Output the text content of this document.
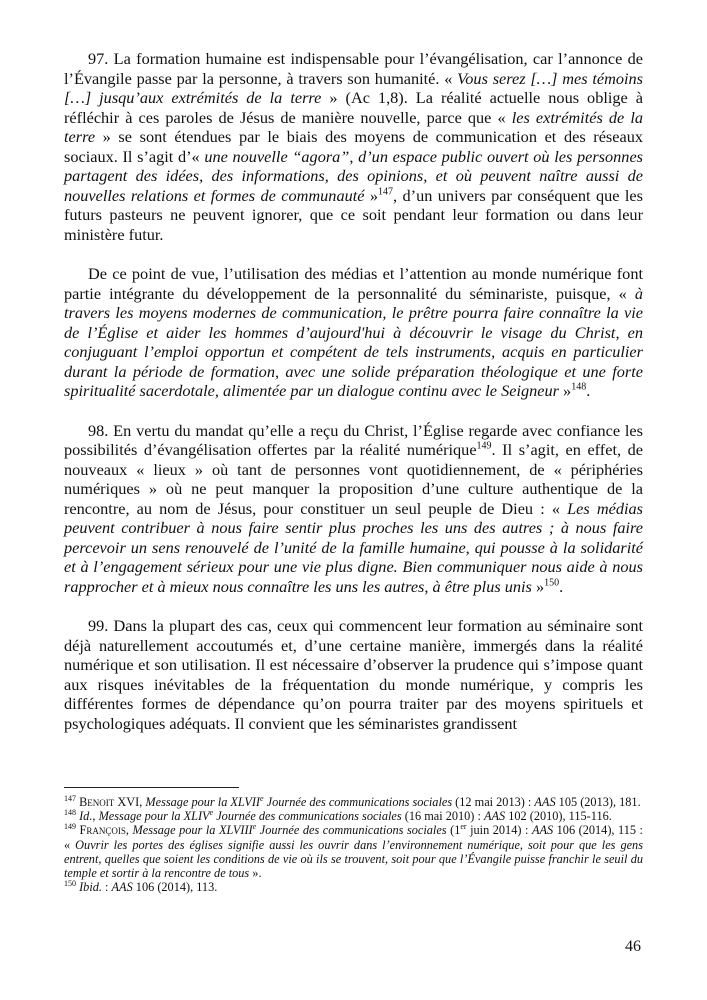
97. La formation humaine est indispensable pour l’évangélisation, car l’annonce de l’Évangile passe par la personne, à travers son humanité. « Vous serez […] mes témoins […] jusqu’aux extrémités de la terre » (Ac 1,8). La réalité actuelle nous oblige à réfléchir à ces paroles de Jésus de manière nouvelle, parce que « les extrémités de la terre » se sont étendues par le biais des moyens de communication et des réseaux sociaux. Il s’agit d’« une nouvelle “agora”, d’un espace public ouvert où les personnes partagent des idées, des informations, des opinions, et où peuvent naître aussi de nouvelles relations et formes de communauté »$^{147}$, d’un univers par conséquent que les futurs pasteurs ne peuvent ignorer, que ce soit pendant leur formation ou dans leur ministère futur.

De ce point de vue, l’utilisation des médias et l’attention au monde numérique font partie intégrante du développement de la personnalité du séminariste, puisque, « à travers les moyens modernes de communication, le prêtre pourra faire connaître la vie de l’Église et aider les hommes d’aujourd'hui à découvrir le visage du Christ, en conjuguant l’emploi opportun et compétent de tels instruments, acquis en particulier durant la période de formation, avec une solide préparation théologique et une forte spiritualité sacerdotale, alimentée par un dialogue continu avec le Seigneur »$^{148}$.

98. En vertu du mandat qu’elle a reçu du Christ, l’Église regarde avec confiance les possibilités d’évangélisation offertes par la réalité numérique$^{149}$. Il s’agit, en effet, de nouveaux « lieux » où tant de personnes vont quotidiennement, de « périphéries numériques » où ne peut manquer la proposition d’une culture authentique de la rencontre, au nom de Jésus, pour constituer un seul peuple de Dieu : « Les médias peuvent contribuer à nous faire sentir plus proches les uns des autres ; à nous faire percevoir un sens renouvelé de l’unité de la famille humaine, qui pousse à la solidarité et à l’engagement sérieux pour une vie plus digne. Bien communiquer nous aide à nous rapprocher et à mieux nous connaître les uns les autres, à être plus unis »$^{150}$.

99. Dans la plupart des cas, ceux qui commencent leur formation au séminaire sont déjà naturellement accoutumés et, d’une certaine manière, immergés dans la réalité numérique et son utilisation. Il est nécessaire d’observer la prudence qui s’impose quant aux risques inévitables de la fréquentation du monde numérique, y compris les différentes formes de dépendance qu’on pourra traiter par des moyens spirituels et psychologiques adéquats. Il convient que les séminaristes grandissent

$^{147}$ Benoit XVI, Message pour la XLVIIe Journée des communications sociales (12 mai 2013) : AAS 105 (2013), 181.

$^{148}$ Id., Message pour la XLIVe Journée des communications sociales (16 mai 2010) : AAS 102 (2010), 115-116.

$^{149}$ François, Message pour la XLVIIIe Journée des communications sociales (1er juin 2014) : AAS 106 (2014), 115 : « Ouvrir les portes des églises signifie aussi les ouvrir dans l’environnement numérique, soit pour que les gens entrent, quelles que soient les conditions de vie où ils se trouvent, soit pour que l’Évangile puisse franchir le seuil du temple et sortir à la rencontre de tous ».

$^{150}$ Ibid. : AAS 106 (2014), 113.

46
